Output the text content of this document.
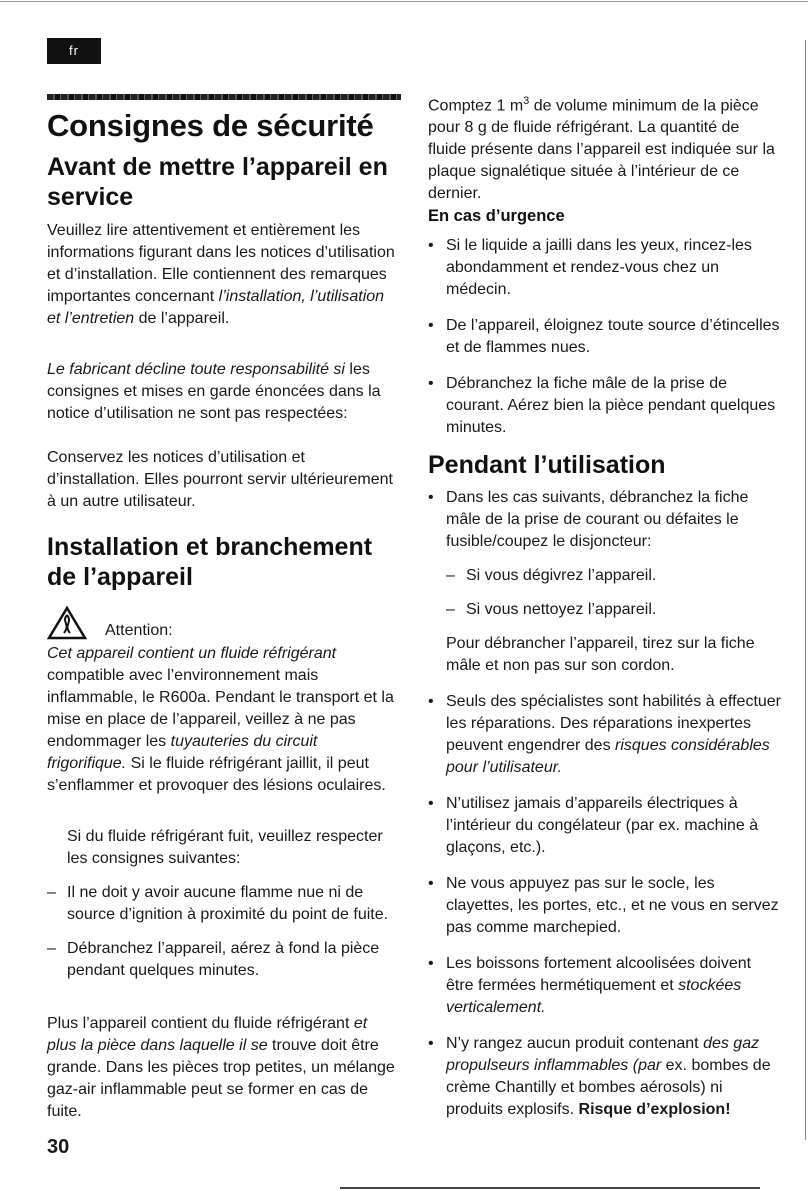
fr
Consignes de sécurité
Avant de mettre l’appareil en service

Veuillez lire attentivement et entièrement les informations figurant dans les notices d’utilisation et d’installation. Elle contiennent des remarques importantes concernant l’installation, l’utilisation et l’entretien de l’appareil.

Le fabricant décline toute responsabilité si les consignes et mises en garde énoncées dans la notice d’utilisation ne sont pas respectées:

Conservez les notices d’utilisation et d’installation. Elles pourront servir ultérieurement à un autre utilisateur.

Installation et branchement de l’appareil
Attention:

Cet appareil contient un fluide réfrigérant compatible avec l’environnement mais inflammable, le R600a. Pendant le transport et la mise en place de l’appareil, veillez à ne pas endommager les tuyauteries du circuit frigorifique. Si le fluide réfrigérant jaillit, il peut s’enflammer et provoquer des lésions oculaires.

Si du fluide réfrigérant fuit, veuillez respecter les consignes suivantes:

– Il ne doit y avoir aucune flamme nue ni de source d’ignition à proximité du point de fuite.
– Débranchez l’appareil, aérez à fond la pièce pendant quelques minutes.

Plus l’appareil contient du fluide réfrigérant et plus la pièce dans laquelle il se trouve doit être grande. Dans les pièces trop petites, un mélange gaz-air inflammable peut se former en cas de fuite.

Comptez 1 $m^3$ de volume minimum de la pièce pour 8 g de fluide réfrigérant. La quantité de fluide présente dans l’appareil est indiquée sur la plaque signalétique située à l’intérieur de ce dernier.

En cas d’urgence
• Si le liquide a jailli dans les yeux, rincez-les abondamment et rendez-vous chez un médecin.
• De l’appareil, éloignez toute source d’étincelles et de flammes nues.
• Débranchez la fiche mâle de la prise de courant. Aérez bien la pièce pendant quelques minutes.
Pendant l’utilisation
• Dans les cas suivants, débranchez la fiche mâle de la prise de courant ou défaites le fusible/coupez le disjoncteur:
– Si vous dégivrez l’appareil.
– Si vous nettoyez l’appareil.
Pour débrancher l’appareil, tirez sur la fiche mâle et non pas sur son cordon.
• Seuls des spécialistes sont habilités à effectuer les réparations. Des réparations inexpertes peuvent engendrer des risques considérables pour l’utilisateur.
• N’utilisez jamais d’appareils électriques à l’intérieur du congélateur (par ex. machine à glaçons, etc.).
• Ne vous appuyez pas sur le socle, les clayettes, les portes, etc., et ne vous en servez pas comme marchepied.
• Les boissons fortement alcoolisées doivent être fermées hermétiquement et stockées verticalement.
• N’y rangez aucun produit contenant des gaz propulseurs inflammables (par ex. bombes de crème Chantilly et bombes aérosols) ni produits explosifs. Risque d’explosion!
30
